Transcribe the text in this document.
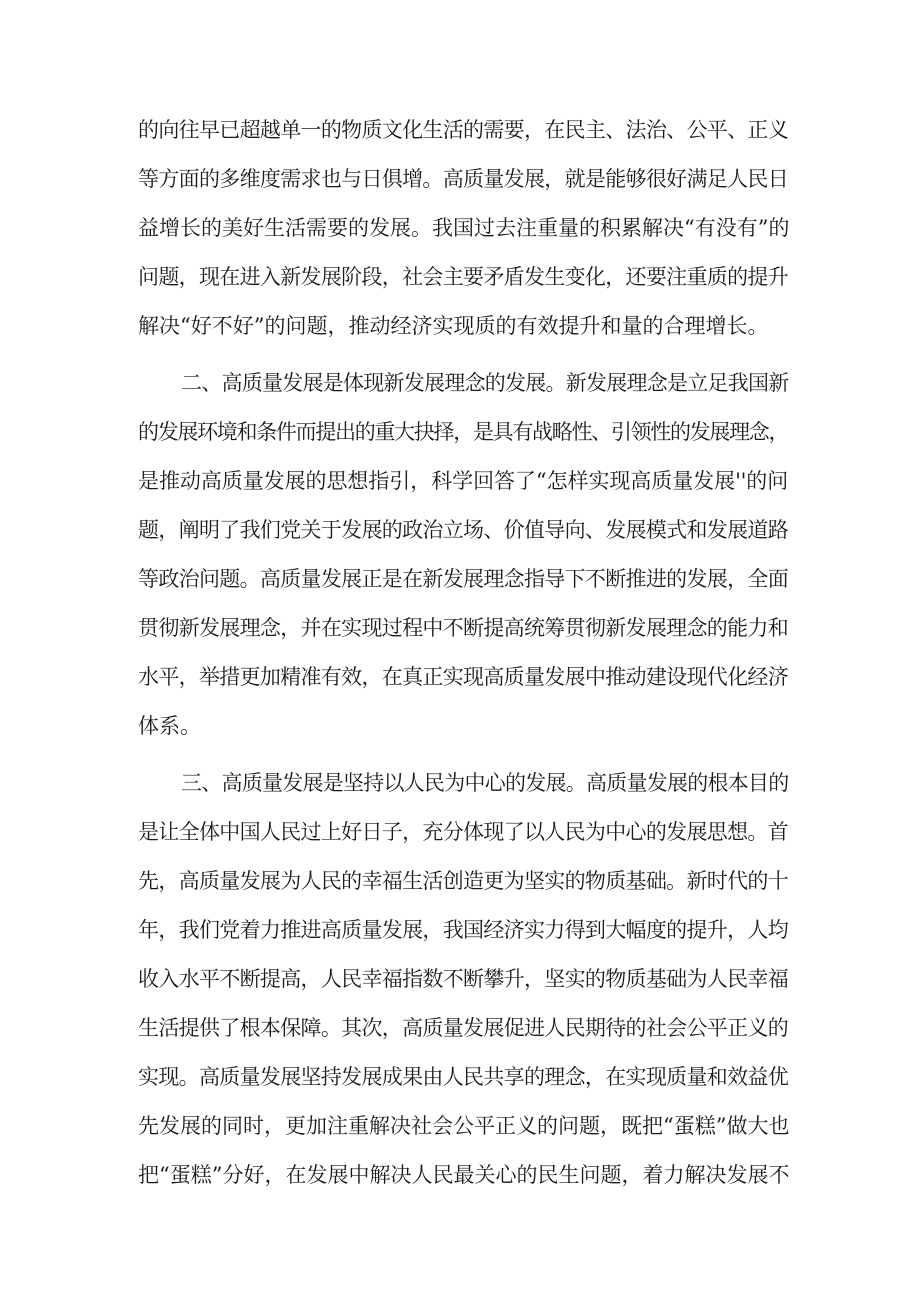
的向往早已超越单一的物质文化生活的需要，在民主、法治、公平、正义
等方面的多维度需求也与日俱增。高质量发展，就是能够很好满足人民日
益增长的美好生活需要的发展。我国过去注重量的积累解决“有没有”的
问题，现在进入新发展阶段，社会主要矛盾发生变化，还要注重质的提升
解决“好不好”的问题，推动经济实现质的有效提升和量的合理增长。
二、高质量发展是体现新发展理念的发展。新发展理念是立足我国新
的发展环境和条件而提出的重大抉择，是具有战略性、引领性的发展理念，
是推动高质量发展的思想指引，科学回答了“怎样实现高质量发展''的问
题，阐明了我们党关于发展的政治立场、价值导向、发展模式和发展道路
等政治问题。高质量发展正是在新发展理念指导下不断推进的发展，全面
贯彻新发展理念，并在实现过程中不断提高统筹贯彻新发展理念的能力和
水平，举措更加精准有效，在真正实现高质量发展中推动建设现代化经济
体系。
三、高质量发展是坚持以人民为中心的发展。高质量发展的根本目的
是让全体中国人民过上好日子，充分体现了以人民为中心的发展思想。首
先，高质量发展为人民的幸福生活创造更为坚实的物质基础。新时代的十
年，我们党着力推进高质量发展，我国经济实力得到大幅度的提升，人均
收入水平不断提高，人民幸福指数不断攀升，坚实的物质基础为人民幸福
生活提供了根本保障。其次，高质量发展促进人民期待的社会公平正义的
实现。高质量发展坚持发展成果由人民共享的理念，在实现质量和效益优
先发展的同时，更加注重解决社会公平正义的问题，既把“蛋糕”做大也
把“蛋糕”分好，在发展中解决人民最关心的民生问题，着力解决发展不
